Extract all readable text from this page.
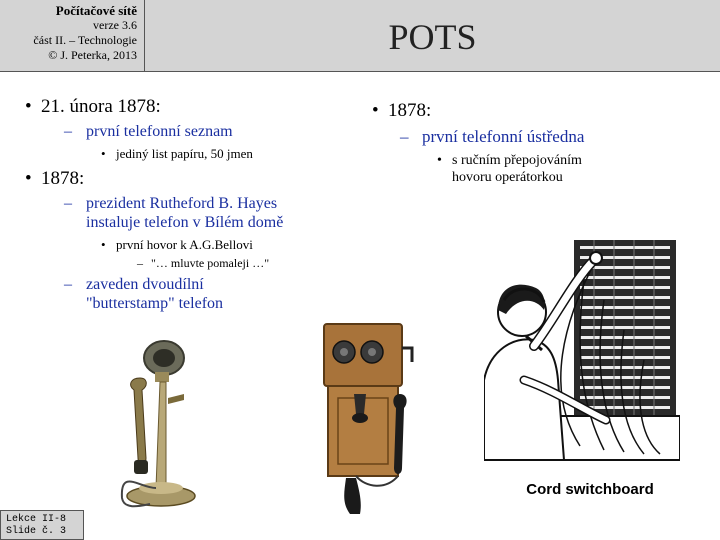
Počítačové sítě
verze 3.6
část II. – Technologie
© J. Peterka, 2013	POTS
• 21. února 1878:
– první telefonní seznam
• jediný list papíru, 50 jmen
• 1878:
– prezident Rutheford B. Hayes
instaluje telefon v Bílém domě
• první hovor k A.G.Bellovi
– "… mluvte pomaleji …"
– zaveden dvoudílní
"butterstamp" telefon
• 1878:
– první telefonní ústředna
• s ručním přepojováním
hovoru operátorkou
Cord switchboard
Lekce II-8
Slide č. 3
